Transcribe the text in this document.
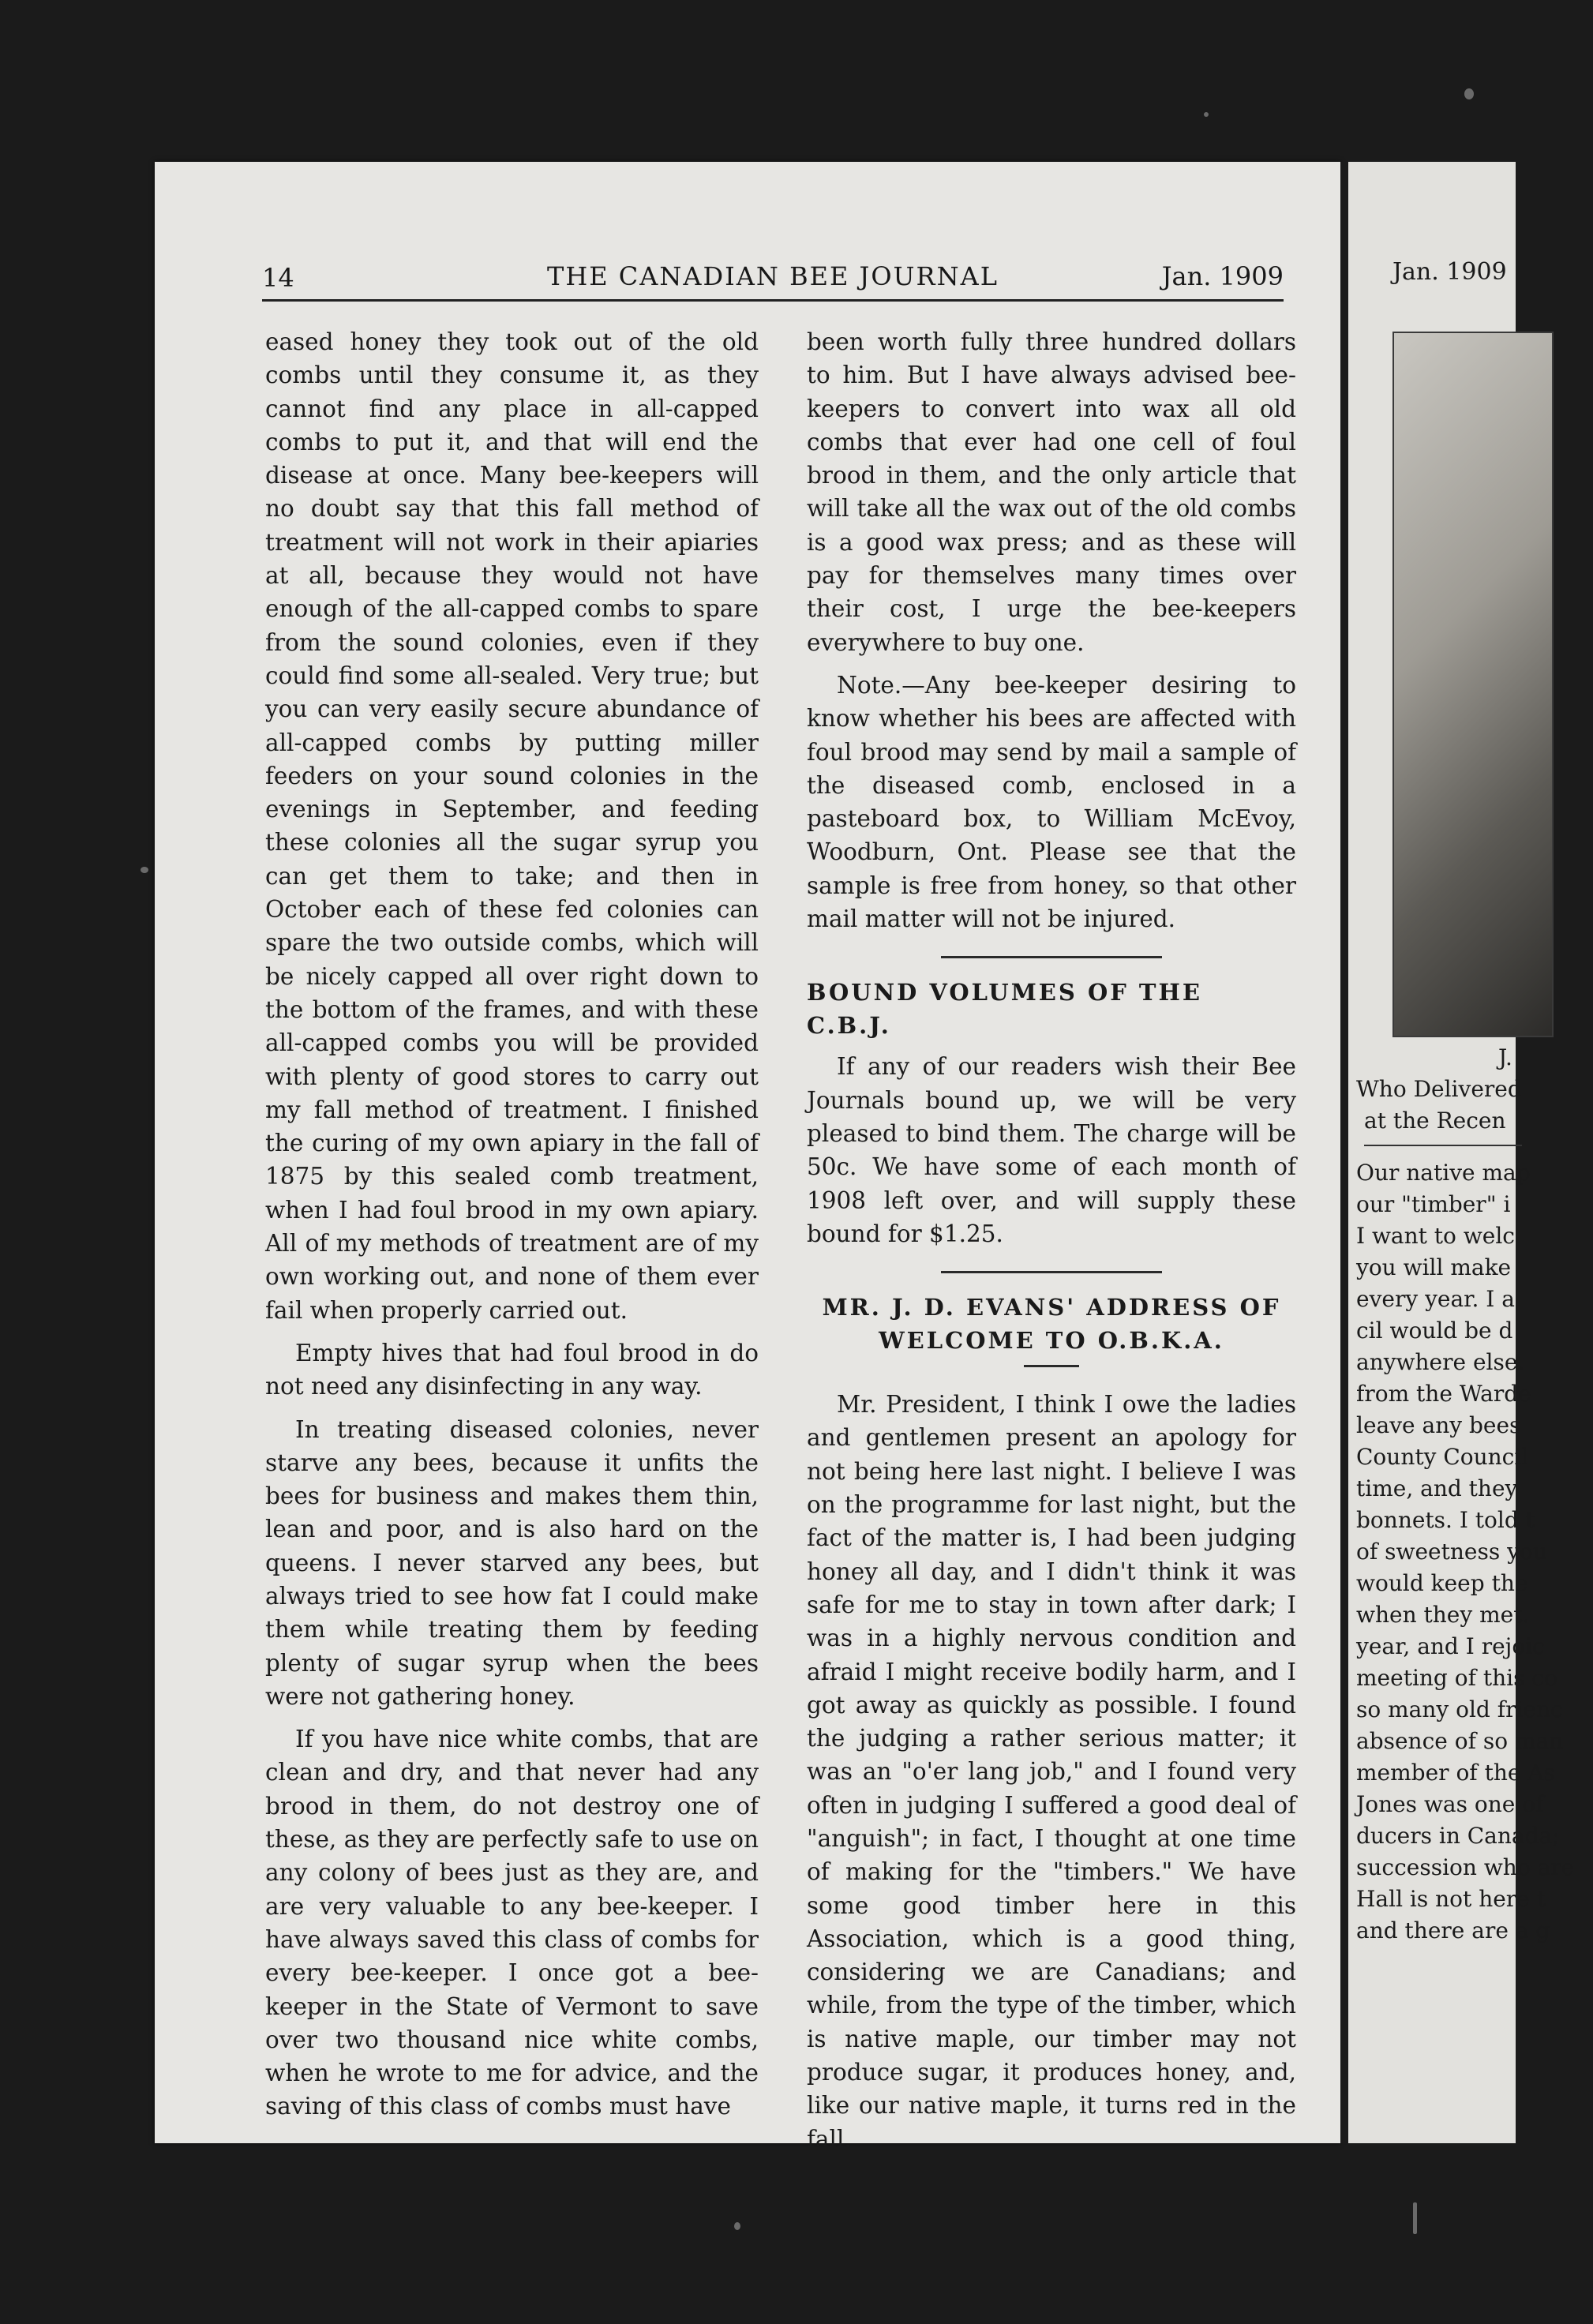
14	THE CANADIAN BEE JOURNAL	Jan. 1909

eased honey they took out of the old combs until they consume it, as they cannot find any place in all-capped combs to put it, and that will end the disease at once. Many bee-keepers will no doubt say that this fall method of treatment will not work in their apiaries at all, because they would not have enough of the all-capped combs to spare from the sound colonies, even if they could find some all-sealed. Very true; but you can very easily secure abundance of all-capped combs by putting miller feeders on your sound colonies in the evenings in September, and feeding these colonies all the sugar syrup you can get them to take; and then in October each of these fed colonies can spare the two outside combs, which will be nicely capped all over right down to the bottom of the frames, and with these all-capped combs you will be provided with plenty of good stores to carry out my fall method of treatment. I finished the curing of my own apiary in the fall of 1875 by this sealed comb treatment, when I had foul brood in my own apiary. All of my methods of treatment are of my own working out, and none of them ever fail when properly carried out.

Empty hives that had foul brood in do not need any disinfecting in any way.

In treating diseased colonies, never starve any bees, because it unfits the bees for business and makes them thin, lean and poor, and is also hard on the queens. I never starved any bees, but always tried to see how fat I could make them while treating them by feeding plenty of sugar syrup when the bees were not gathering honey.

If you have nice white combs, that are clean and dry, and that never had any brood in them, do not destroy one of these, as they are perfectly safe to use on any colony of bees just as they are, and are very valuable to any bee-keeper. I have always saved this class of combs for every bee-keeper. I once got a bee-keeper in the State of Vermont to save over two thousand nice white combs, when he wrote to me for advice, and the saving of this class of combs must have

been worth fully three hundred dollars to him. But I have always advised bee-keepers to convert into wax all old combs that ever had one cell of foul brood in them, and the only article that will take all the wax out of the old combs is a good wax press; and as these will pay for themselves many times over their cost, I urge the bee-keepers everywhere to buy one.

Note.—Any bee-keeper desiring to know whether his bees are affected with foul brood may send by mail a sample of the diseased comb, enclosed in a pasteboard box, to William McEvoy, Woodburn, Ont. Please see that the sample is free from honey, so that other mail matter will not be injured.

BOUND VOLUMES OF THE C.B.J.

If any of our readers wish their Bee Journals bound up, we will be very pleased to bind them. The charge will be 50c. We have some of each month of 1908 left over, and will supply these bound for $1.25.

MR. J. D. EVANS' ADDRESS OF
WELCOME TO O.B.K.A.

Mr. President, I think I owe the ladies and gentlemen present an apology for not being here last night. I believe I was on the programme for last night, but the fact of the matter is, I had been judging honey all day, and I didn't think it was safe for me to stay in town after dark; I was in a highly nervous condition and afraid I might receive bodily harm, and I got away as quickly as possible. I found the judging a rather serious matter; it was an "o'er lang job," and I found very often in judging I suffered a good deal of "anguish"; in fact, I thought at one time of making for the "timbers." We have some good timber here in this Association, which is a good thing, considering we are Canadians; and while, from the type of the timber, which is native maple, our timber may not produce sugar, it produces honey, and, like our native maple, it turns red in the fall.

Jan. 1909
J.
Who Delivered
at the Recen
Our native map
our "timber" i
I want to welc
you will make
every year. I a
cil would be d
anywhere else.
from the Warde
leave any bees
County Council
time, and they
bonnets. I told t
of sweetness you
would keep the
when they met.
year, and I rejoic
meeting of this co
so many old frienc
absence of so man
member of the As
Jones was one of
ducers in Canada;
succession who are
Hall is not here t
and there are a g
